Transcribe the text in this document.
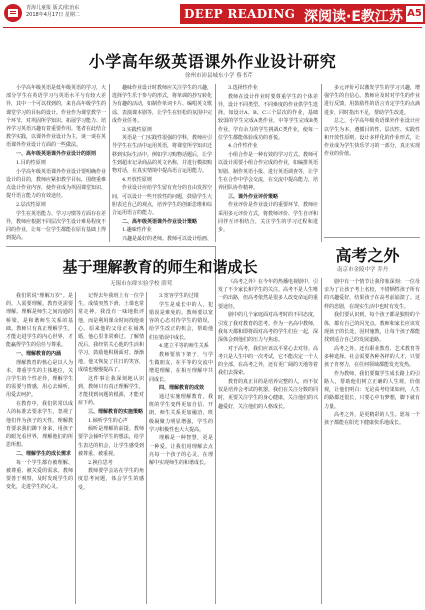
青海儿童报 版式/张治东
2018年4月17日 星期二	DEEP READING 深阅读·E教江苏 A5
小学高年级英语课外作业设计研究
徐州市沛县城东小学 蔡书芹

小学高年级英语是低年级英语的学习，大部分学生在英语学习与英语水平与有较大差异，其中一个可以找到的，来自高年级学生的课堂学习的目标的设计。作业作为课堂教学一个环节，对巩固所学知识、拓展学习能力、培养学习英语兴趣有着重要作用。笔者在此结合教学实践，以课外作业设计为主，谈一谈在英语课外作业设计方面的一些做法。

一、高年级英语课外作业设计的原则

1.目的性原则

小学高年级英语课外作业设计要明确作业设计的目的，教师应紧扣教学目标，围绕重难点设计作业内容，使作业成为巩固课堂知识、提升语言能力的有效途径。

2.层次性原则

学生在英语能力、学习习惯等方面存在差异，教师应根据不同层次学生设计难易程度不同的作业，让每一位学生都能在原有基础上得到提高。

趣味作业设计时教师应关注学生的兴趣，选择学生乐于参与的形式，将单调的抄写转化为有趣的活动，如制作单词卡片、编唱英文歌谣、表演课本剧等，让学生在轻松的氛围中完成作业任务。

3.实践性原则

英语是一门实践性很强的学科，教师应引导学生在生活中运用英语，将课堂所学知识迁移到实际生活中。例如学习购物话题后，让学生到超市记录商品的英文名称，并进行模拟购物对话，在真实情境中提高语言运用能力。

4.开放性原则

作业设计应给学生留有充分的自由发挥空间，可以设计一些开放性的问题，鼓励学生大胆表达自己的观点，培养学生的创新思维和综合运用语言的能力。

二、高年级英语课外作业设计策略

1.趣味性作业

兴趣是最好的老师。教师可以设计绘画、

3.选择性作业

教师在设计作业时要尊重学生的个体差异，设计不同类型、不同难度的作业供学生选择。如设计A、B、C三个层次的作业，基础较弱的学生完成A类作业，中等学生完成B类作业，学有余力的学生挑战C类作业，使每一位学生都能体验成功的喜悦。

4.合作性作业

小组合作是一种有效的学习方式。教师可以设计需要小组合作完成的作业，如编排英语短剧、制作英语小报、进行英语调查等，让学生在合作中学会交流，在交流中提高能力，培养团队协作精神。

三、课外作业评价策略

作业评价是作业设计的重要环节，教师应采用多元评价方式，将教师评价、学生自评和同伴互评相结合，关注学生的学习过程和进步。

多元评价可以激发学生的学习兴趣，增强学生的自信心。教师应及时对学生的作业进行反馈，用鼓励性的语言肯定学生的点滴进步，同时指出不足，帮助学生改进。

总之，小学高年级英语课外作业设计应以学生为本，遵循目的性、层次性、实践性和开放性原则，设计多样化的作业形式，让作业成为学生快乐学习的一部分，真正实现作业的价值。

高考之外
南京市金陵中学 乔丹

《高考之外》在今年的热播电视剧中，引发了不少家长和学生的关注。高考不是人生唯一的出路，但高考依然是很多人改变命运的重要途径。

剧中的几个家庭面对高考时的不同态度，引发了我对教育的思考。作为一名高中教师，我每天都和即将面对高考的学生们在一起，深深体会到他们的压力与焦虑。

对于高考，我们应该以平常心去对待。高考只是人生中的一次考试，它不能决定一个人的全部。在高考之外，还有更广阔的天地等着我们去探索。

教育的真正目的是培养完整的人，而不仅仅是培养会考试的机器。我们在关注分数的同时，更要关注学生的身心健康，关注他们的兴趣爱好，关注他们的人格成长。

剧中有一个情节让我印象深刻：一位母亲为了让孩子考上名校，不惜牺牲孩子所有的兴趣爱好，结果孩子在高考前崩溃了。这样的悲剧，在现实生活中也时有发生。

我们要认识到，每个孩子都是独特的个体，都有自己的闪光点。教师和家长应该发现孩子的长处，因材施教，让每个孩子都能找到适合自己的发展道路。

高考之外，还有职业教育、艺术教育等多种选择。社会需要各种各样的人才，只要孩子肯努力，在任何领域都能发光发热。

作为教师，我们要做学生成长路上的引路人，帮助他们树立正确的人生观、价值观，让他们明白：无论高考结果如何，人生的路都还很长，只要心中有梦想，脚下就有力量。

高考之外，是更精彩的人生。愿每一个孩子都能在阳光下健康快乐地成长。

基于理解教育的师生和谐成长
无锡市东绛实验学校 薛莺

我们常说"理解万岁"。是的，人需要理解。教育更需要理解。理解是师生之间沟通的桥梁，是和谐师生关系的基础。教师只有真正理解学生，才能走进学生的内心世界，才能赢得学生的信任与尊重。

一、理解教育的内涵

理解教育的核心是以人为本，尊重学生的主体地位，关注学生的个性差异，理解学生的需要与情感，用心去倾听，用爱去呵护。

在教育中，我们常常以成人的标准去要求学生，忽视了他们作为孩子的天性。理解教育要求我们蹲下身来，用孩子的眼光看世界，理解他们的所思所想。

二、理解学生的成长需求

每一个学生都有被理解、被尊重、被关爱的需求。教师要善于观察，及时发现学生的变化，走进学生的心灵。

记得去年我班上有一位学生，成绩突然下滑，上课也常常走神。我没有一味地批评他，而是利用课余时间找他谈心。原来他的父母正在闹离婚，他心里非常难过。了解情况后，我经常关心他的生活和学习，鼓励他积极面对。渐渐地，他又恢复了往日的笑容，成绩也慢慢提高了。

这件事让我深刻地认识到，教师只有真正理解学生，才能找到问题的根源，才能对症下药。

三、理解教育的实施策略

1.倾听学生的心声

倾听是理解的前提。教师要学会倾听学生的想法，给学生表达的机会，让学生感受到被尊重、被重视。

2.换位思考

教师要学会站在学生的角度思考问题，体会学生的感受。

3.宽容学生的过错

学生是成长中的人，犯错误是难免的。教师要以宽容的心态对待学生的错误，给学生改正的机会，帮助他们在错误中成长。

4.建立平等的师生关系

教师要放下架子，与学生做朋友，在平等的交流中增进理解，在相互理解中共同成长。

四、理解教育的成效

通过实施理解教育，我班的学生变得更加自信、开朗，师生关系更加融洽，班级凝聚力明显增强，学生的学习积极性也大大提高。

理解是一种智慧，更是一种爱。让我们用理解去点亮每一个孩子的心灵，在理解中实现师生的和谐成长。
